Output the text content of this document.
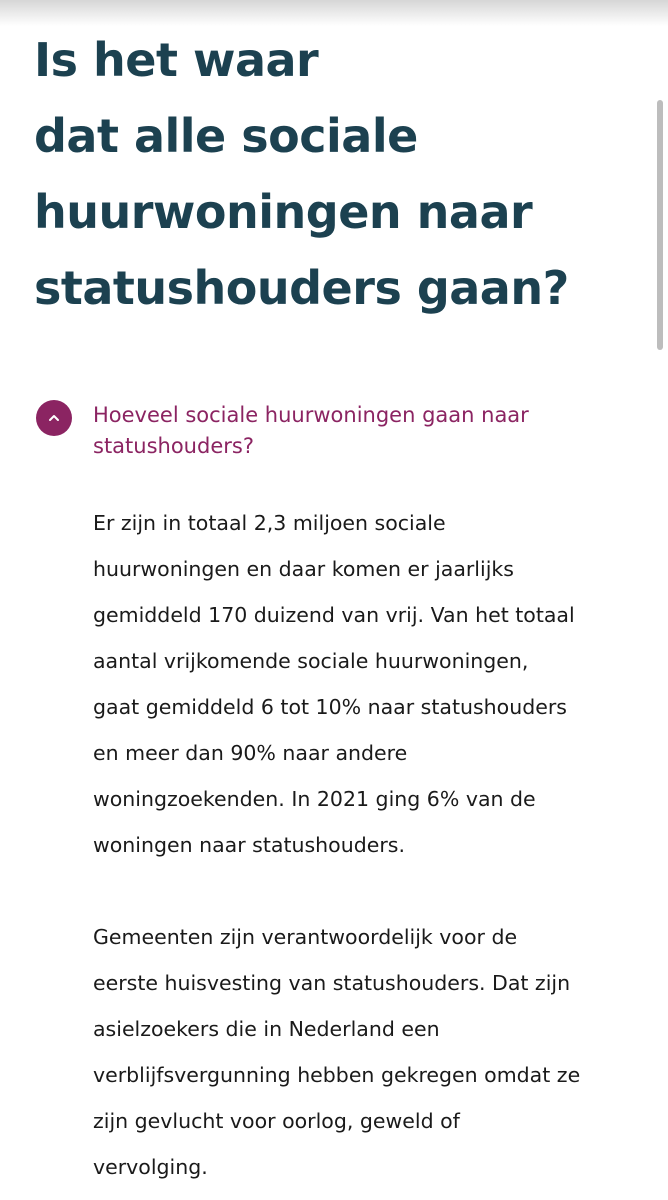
Is het waar
dat alle sociale
huurwoningen naar
statushouders gaan?
Hoeveel sociale huurwoningen gaan naar
statushouders?

Er zijn in totaal 2,3 miljoen sociale
huurwoningen en daar komen er jaarlijks
gemiddeld 170 duizend van vrij. Van het totaal
aantal vrijkomende sociale huurwoningen,
gaat gemiddeld 6 tot 10% naar statushouders
en meer dan 90% naar andere
woningzoekenden. In 2021 ging 6% van de
woningen naar statushouders.

Gemeenten zijn verantwoordelijk voor de
eerste huisvesting van statushouders. Dat zijn
asielzoekers die in Nederland een
verblijfsvergunning hebben gekregen omdat ze
zijn gevlucht voor oorlog, geweld of
vervolging.
